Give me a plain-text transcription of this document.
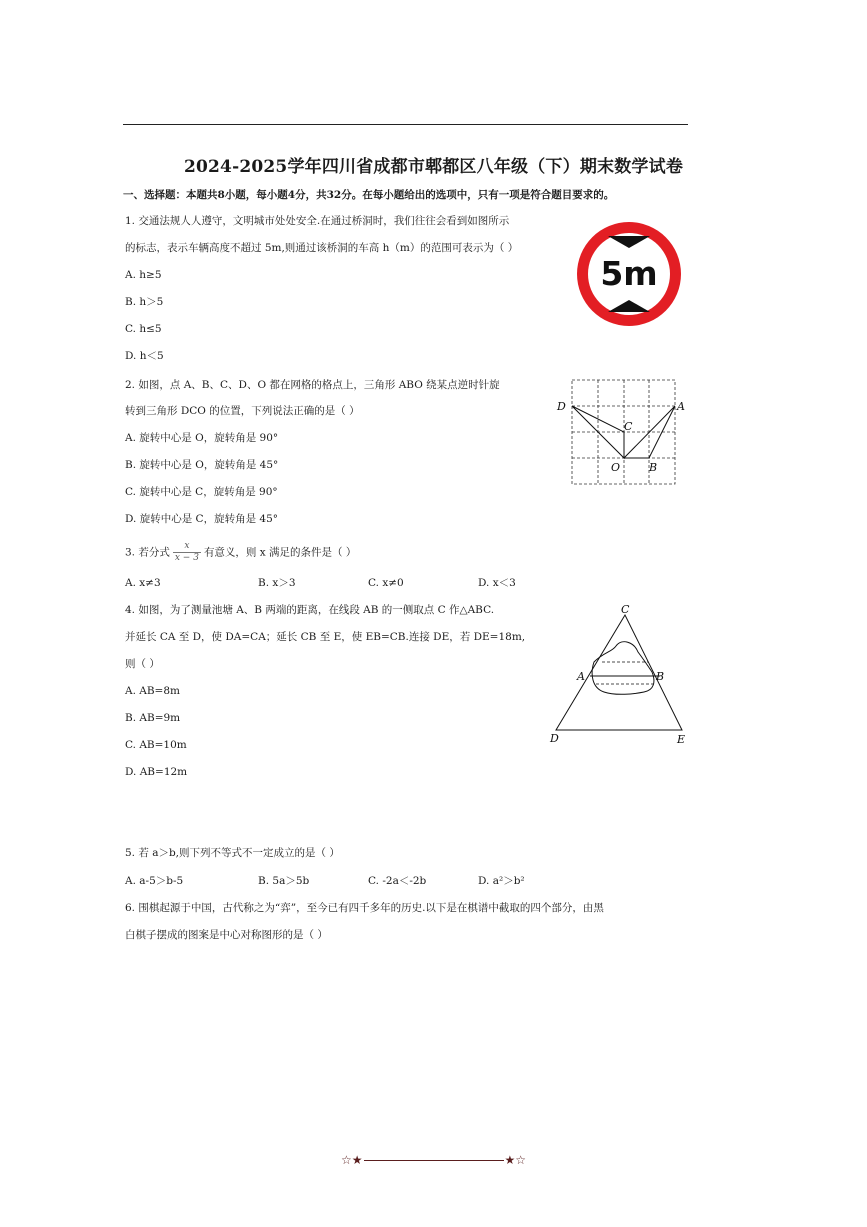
2024-2025学年四川省成都市郫都区八年级（下）期末数学试卷
一、选择题：本题共8小题，每小题4分，共32分。在每小题给出的选项中，只有一项是符合题目要求的。
1. 交通法规人人遵守，文明城市处处安全.在通过桥洞时，我们往往会看到如图所示
的标志，表示车辆高度不超过 5m,则通过该桥洞的车高 h（m）的范围可表示为（ ）
A. h≥5
B. h＞5
C. h≤5
D. h＜5
5m
2. 如图，点 A、B、C、D、O 都在网格的格点上，三角形 ABO 绕某点逆时针旋
转到三角形 DCO 的位置，下列说法正确的是（ ）
A. 旋转中心是 O，旋转角是 90°
B. 旋转中心是 O，旋转角是 45°
C. 旋转中心是 C，旋转角是 90°
D. 旋转中心是 C，旋转角是 45°
D	A
C
O	B
3. 若分式 $\frac{x}{x - 3}$ 有意义，则 x 满足的条件是（ ）
A. x≠3	B. x＞3	C. x≠0	D. x＜3
4. 如图，为了测量池塘 A、B 两端的距离，在线段 AB 的一侧取点 C 作△ABC.
并延长 CA 至 D，使 DA=CA；延长 CB 至 E，使 EB=CB.连接 DE，若 DE=18m,
则（ ）
A. AB=8m
B. AB=9m
C. AB=10m
D. AB=12m
C
A	B
D	E
5. 若 a＞b,则下列不等式不一定成立的是（ ）
A. a-5＞b-5	B. 5a＞5b	C. -2a＜-2b	D. a²＞b²
6. 围棋起源于中国，古代称之为“弈”，至今已有四千多年的历史.以下是在棋谱中截取的四个部分，由黑
白棋子摆成的图案是中心对称图形的是（ ）
☆★	★☆
